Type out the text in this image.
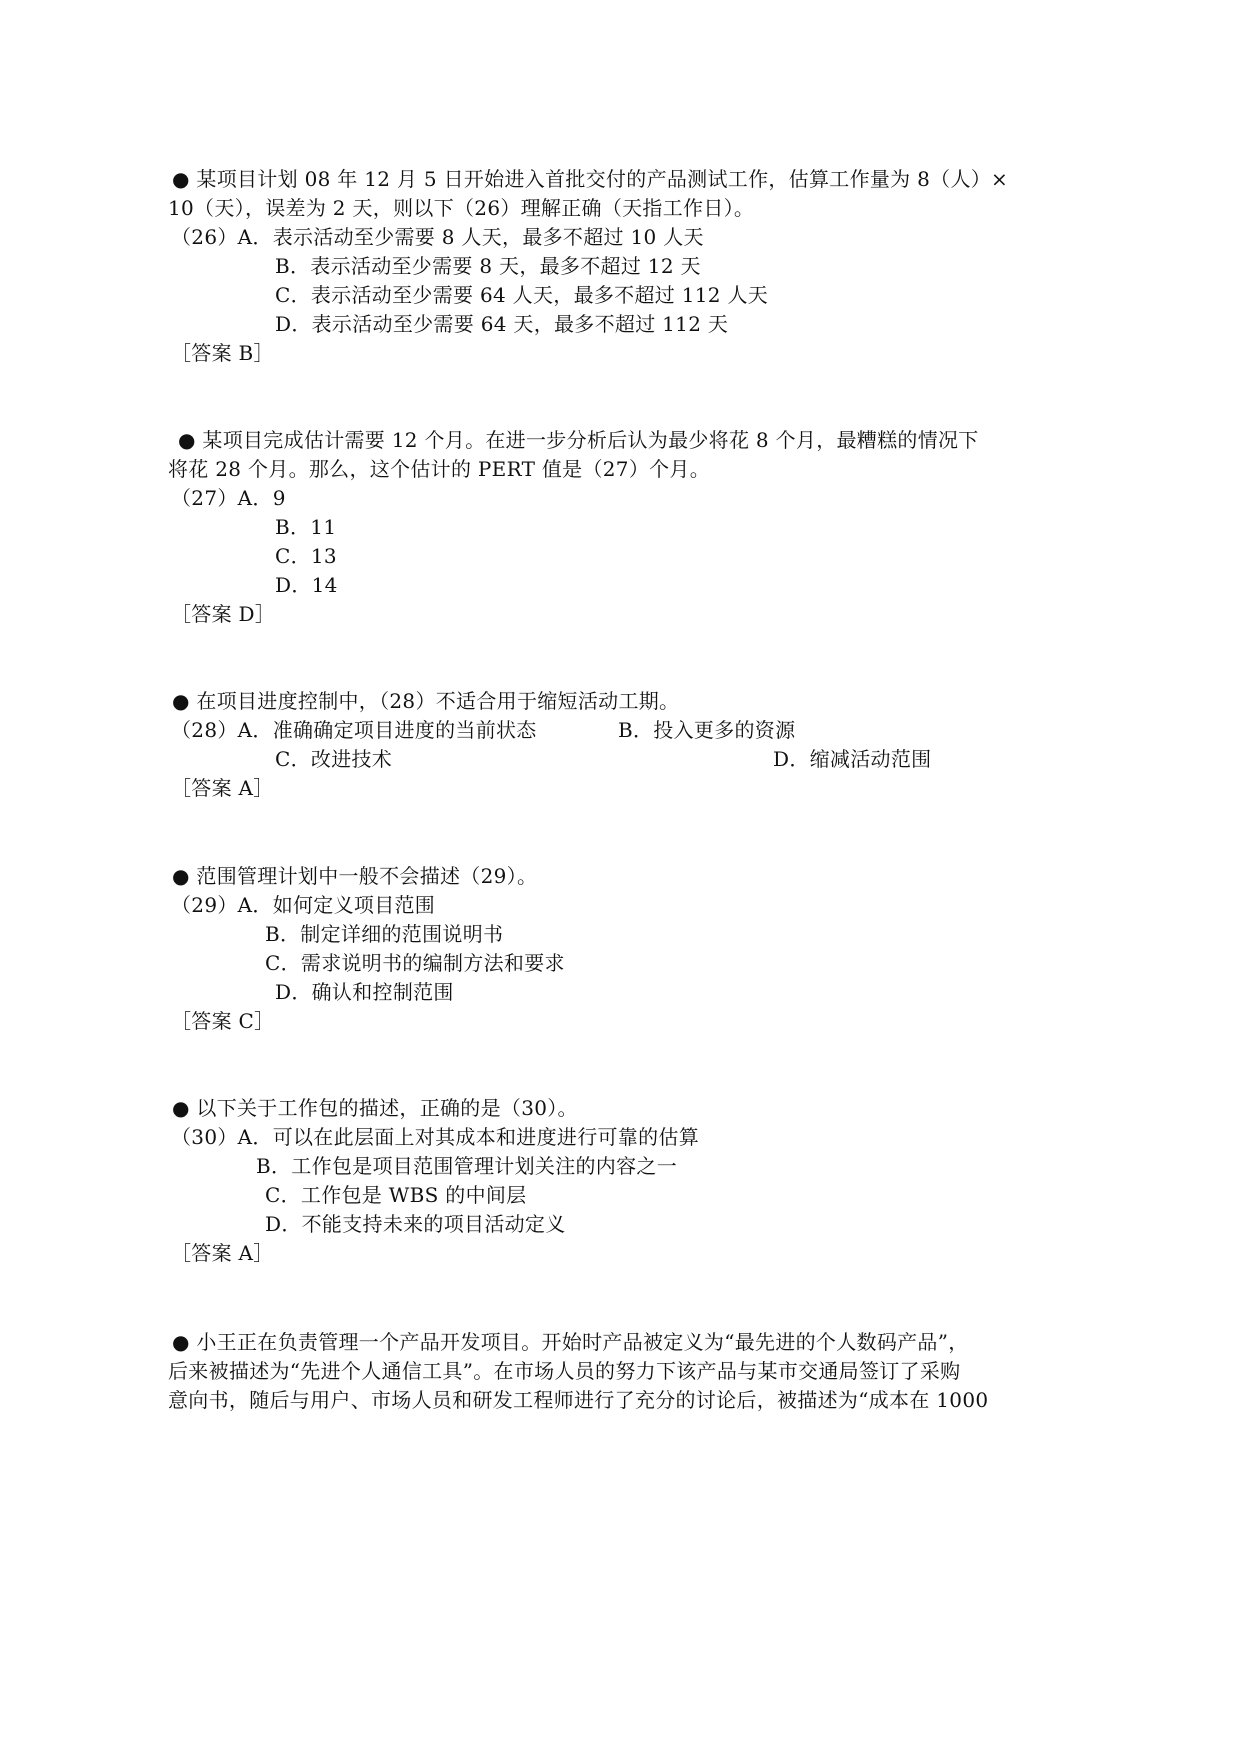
● 某项目计划 08 年 12 月 5 日开始进入首批交付的产品测试工作，估算工作量为 8（人）×
10（天），误差为 2 天，则以下（26）理解正确（天指工作日）。
（26）A．表示活动至少需要 8 人天，最多不超过 10 人天
B．表示活动至少需要 8 天，最多不超过 12 天
C．表示活动至少需要 64 人天，最多不超过 112 人天
D．表示活动至少需要 64 天，最多不超过 112 天
［答案 B］
● 某项目完成估计需要 12 个月。在进一步分析后认为最少将花 8 个月，最糟糕的情况下
将花 28 个月。那么，这个估计的 PERT 值是（27）个月。
（27）A．9
B．11
C．13
D．14
［答案 D］
● 在项目进度控制中，（28）不适合用于缩短活动工期。
（28）A．准确确定项目进度的当前状态	B．投入更多的资源
C．改进技术	D．缩减活动范围
［答案 A］
● 范围管理计划中一般不会描述（29）。
（29）A．如何定义项目范围
B．制定详细的范围说明书
C．需求说明书的编制方法和要求
D．确认和控制范围
［答案 C］
● 以下关于工作包的描述，正确的是（30）。
（30）A．可以在此层面上对其成本和进度进行可靠的估算
B．工作包是项目范围管理计划关注的内容之一
C．工作包是 WBS 的中间层
D．不能支持未来的项目活动定义
［答案 A］
● 小王正在负责管理一个产品开发项目。开始时产品被定义为“最先进的个人数码产品”，
后来被描述为“先进个人通信工具”。在市场人员的努力下该产品与某市交通局签订了采购
意向书，随后与用户、市场人员和研发工程师进行了充分的讨论后，被描述为“成本在 1000
